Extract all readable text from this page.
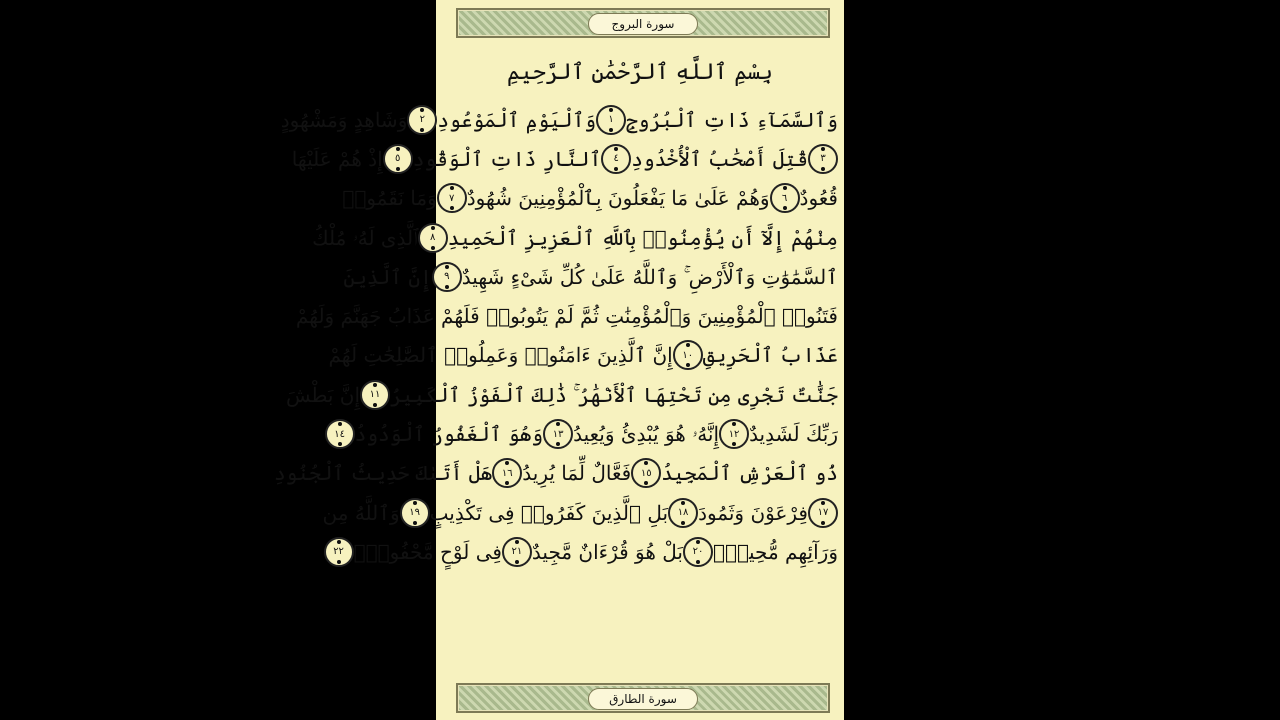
سورة البروج
بِسْمِ ٱللَّهِ ٱلرَّحْمَٰنِ ٱلرَّحِيمِ
وَٱلسَّمَآءِ ذَاتِ ٱلْبُرُوجِ
١
وَٱلْيَوْمِ ٱلْمَوْعُودِ
٢
وَشَاهِدٍ وَمَشْهُودٍ
٣
قُتِلَ أَصْحَٰبُ ٱلْأُخْدُودِ
٤
ٱلنَّارِ ذَاتِ ٱلْوَقُودِ
٥
إِذْ هُمْ عَلَيْهَا
قُعُودٌ
٦
وَهُمْ عَلَىٰ مَا يَفْعَلُونَ بِٱلْمُؤْمِنِينَ شُهُودٌ
٧
وَمَا نَقَمُوا۟
مِنْهُمْ إِلَّآ أَن يُؤْمِنُوا۟ بِٱللَّهِ ٱلْعَزِيزِ ٱلْحَمِيدِ
٨
ٱلَّذِى لَهُۥ مُلْكُ
ٱلسَّمَٰوَٰتِ وَٱلْأَرْضِ ۚ وَٱللَّهُ عَلَىٰ كُلِّ شَىْءٍ شَهِيدٌ
٩
إِنَّ ٱلَّذِينَ
فَتَنُوا۟ ٱلْمُؤْمِنِينَ وَٱلْمُؤْمِنَٰتِ ثُمَّ لَمْ يَتُوبُوا۟ فَلَهُمْ عَذَابُ جَهَنَّمَ وَلَهُمْ
عَذَابُ ٱلْحَرِيقِ
١٠
إِنَّ ٱلَّذِينَ ءَامَنُوا۟ وَعَمِلُوا۟ ٱلصَّٰلِحَٰتِ لَهُمْ
جَنَّٰتٌ تَجْرِى مِن تَحْتِهَا ٱلْأَنْهَٰرُ ۚ ذَٰلِكَ ٱلْفَوْزُ ٱلْكَبِيرُ
١١
إِنَّ بَطْشَ
رَبِّكَ لَشَدِيدٌ
١٢
إِنَّهُۥ هُوَ يُبْدِئُ وَيُعِيدُ
١٣
وَهُوَ ٱلْغَفُورُ ٱلْوَدُودُ
١٤
ذُو ٱلْعَرْشِ ٱلْمَجِيدُ
١٥
فَعَّالٌ لِّمَا يُرِيدُ
١٦
هَلْ أَتَىٰكَ حَدِيثُ ٱلْجُنُودِ
١٧
فِرْعَوْنَ وَثَمُودَ
١٨
بَلِ ٱلَّذِينَ كَفَرُوا۟ فِى تَكْذِيبٍ
١٩
وَٱللَّهُ مِن
وَرَآئِهِم مُّحِيطٌۢ
٢٠
بَلْ هُوَ قُرْءَانٌ مَّجِيدٌ
٢١
فِى لَوْحٍ مَّحْفُوظٍۭ
٢٢
سورة الطارق
